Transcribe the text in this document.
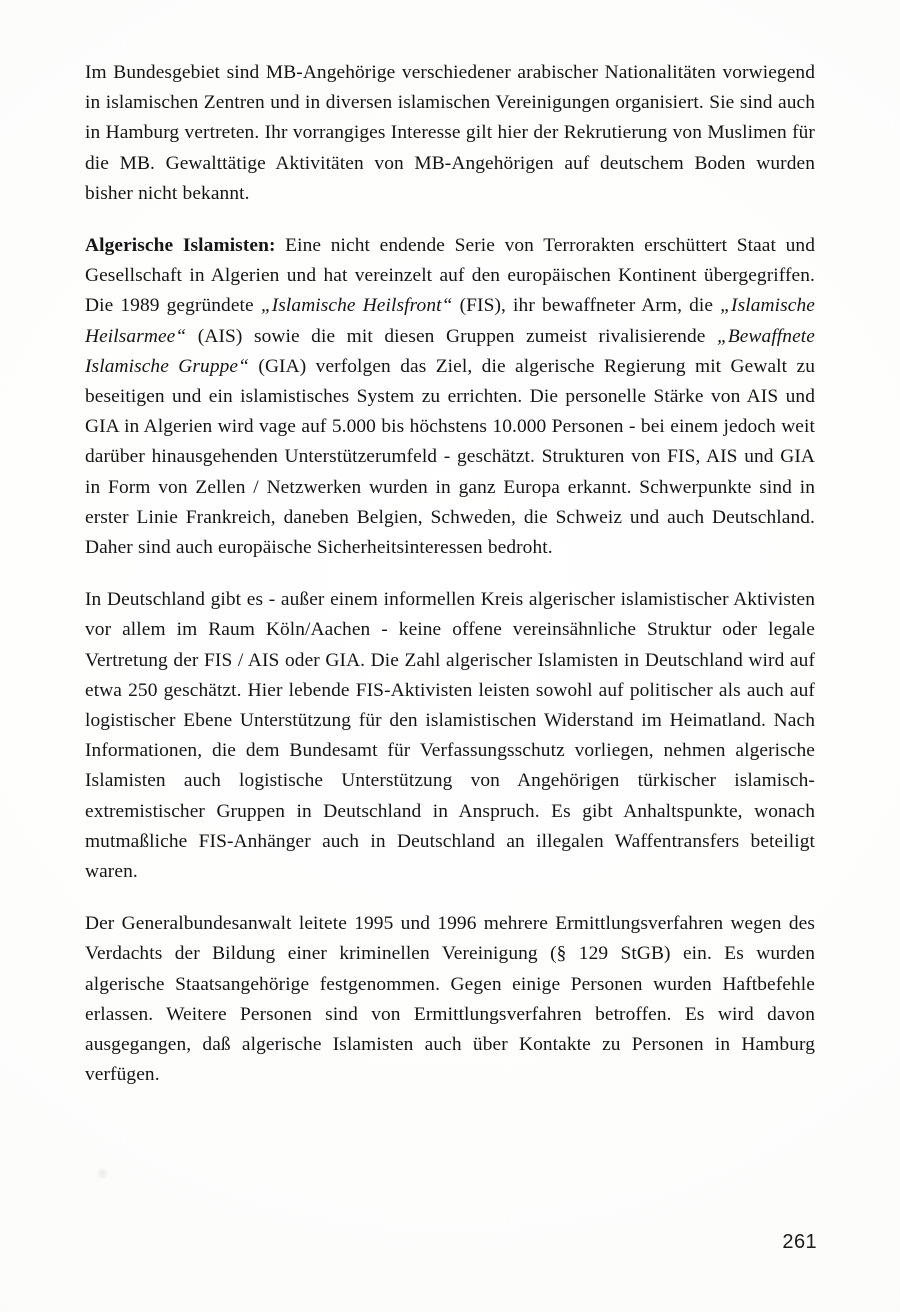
Im Bundesgebiet sind MB-Angehörige verschiedener arabischer Nationalitäten vorwiegend in islamischen Zentren und in diversen islamischen Vereinigungen organisiert. Sie sind auch in Hamburg vertreten. Ihr vorrangiges Interesse gilt hier der Rekrutierung von Muslimen für die MB. Gewalttätige Aktivitäten von MB-Angehörigen auf deutschem Boden wurden bisher nicht bekannt.

Algerische Islamisten: Eine nicht endende Serie von Terrorakten erschüttert Staat und Gesellschaft in Algerien und hat vereinzelt auf den europäischen Kontinent übergegriffen. Die 1989 gegründete „Islamische Heilsfront“ (FIS), ihr bewaffneter Arm, die „Islamische Heilsarmee“ (AIS) sowie die mit diesen Gruppen zumeist rivalisierende „Bewaffnete Islamische Gruppe“ (GIA) verfolgen das Ziel, die algerische Regierung mit Gewalt zu beseitigen und ein islamistisches System zu errichten. Die personelle Stärke von AIS und GIA in Algerien wird vage auf 5.000 bis höchstens 10.000 Personen - bei einem jedoch weit darüber hinausgehenden Unterstützerumfeld - geschätzt. Strukturen von FIS, AIS und GIA in Form von Zellen / Netzwerken wurden in ganz Europa erkannt. Schwerpunkte sind in erster Linie Frankreich, daneben Belgien, Schweden, die Schweiz und auch Deutschland. Daher sind auch europäische Sicherheitsinteressen bedroht.

In Deutschland gibt es - außer einem informellen Kreis algerischer islamistischer Aktivisten vor allem im Raum Köln/Aachen - keine offene vereinsähnliche Struktur oder legale Vertretung der FIS / AIS oder GIA. Die Zahl algerischer Islamisten in Deutschland wird auf etwa 250 geschätzt. Hier lebende FIS-Aktivisten leisten sowohl auf politischer als auch auf logistischer Ebene Unterstützung für den islamistischen Widerstand im Heimatland. Nach Informationen, die dem Bundesamt für Verfassungsschutz vorliegen, nehmen algerische Islamisten auch logistische Unterstützung von Angehörigen türkischer islamisch-extremistischer Gruppen in Deutschland in Anspruch. Es gibt Anhaltspunkte, wonach mutmaßliche FIS-Anhänger auch in Deutschland an illegalen Waffentransfers beteiligt waren.

Der Generalbundesanwalt leitete 1995 und 1996 mehrere Ermittlungsverfahren wegen des Verdachts der Bildung einer kriminellen Vereinigung (§ 129 StGB) ein. Es wurden algerische Staatsangehörige festgenommen. Gegen einige Personen wurden Haftbefehle erlassen. Weitere Personen sind von Ermittlungsverfahren betroffen. Es wird davon ausgegangen, daß algerische Islamisten auch über Kontakte zu Personen in Hamburg verfügen.

261
